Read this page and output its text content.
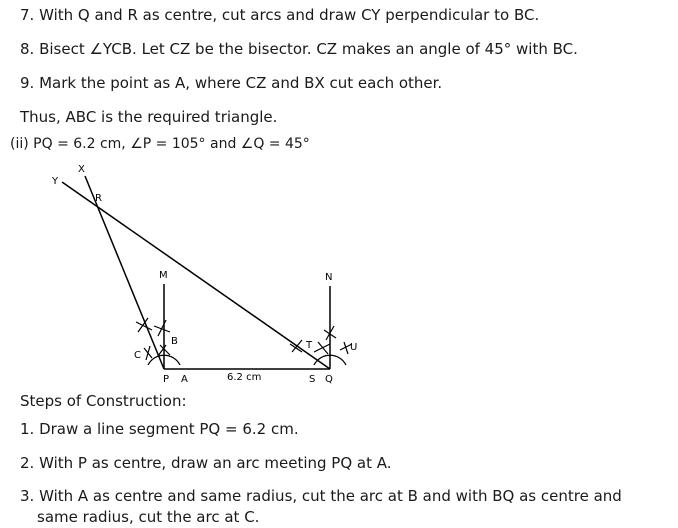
7. With Q and R as centre, cut arcs and draw CY perpendicular to BC.
8. Bisect ∠YCB. Let CZ be the bisector. CZ makes an angle of 45° with BC.
9. Mark the point as A, where CZ and BX cut each other.
Thus, ABC is the required triangle.
(ii) PQ = 6.2 cm, ∠P = 105° and ∠Q = 45°
X
Y
R
M	N
B
C
P A	6.2 cm	S Q
T	U
Steps of Construction:
1. Draw a line segment PQ = 6.2 cm.
2. With P as centre, draw an arc meeting PQ at A.
3. With A as centre and same radius, cut the arc at B and with BQ as centre and
same radius, cut the arc at C.
